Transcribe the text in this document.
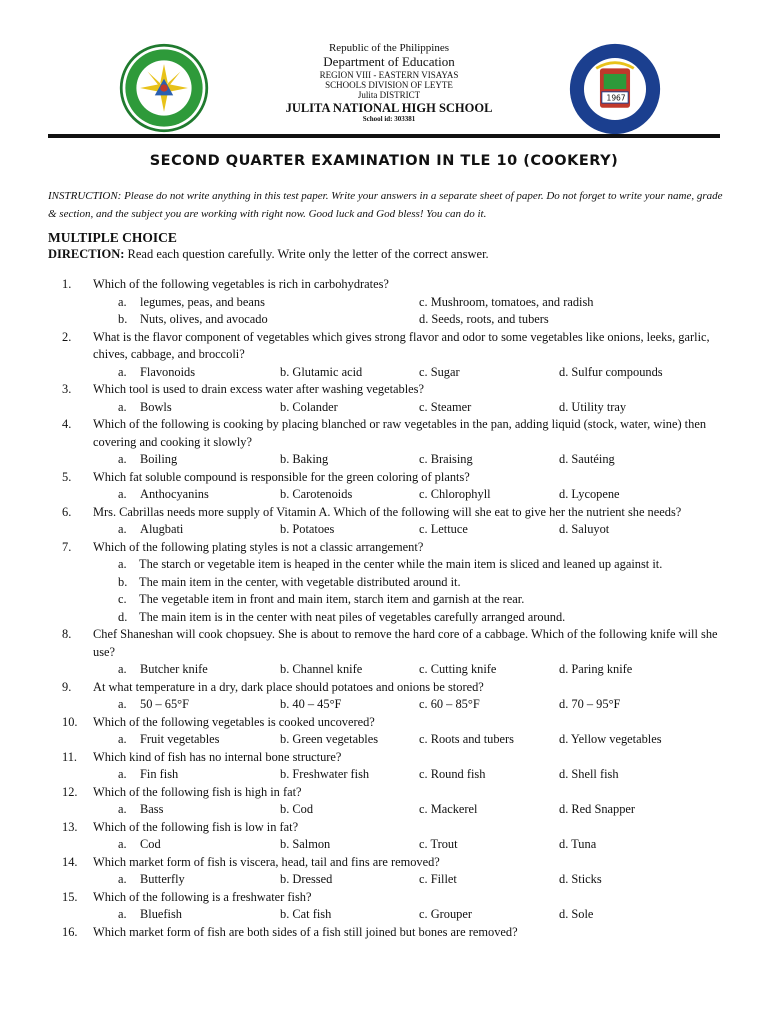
Republic of the Philippines
Department of Education
REGION VIII - EASTERN VISAYAS
SCHOOLS DIVISION OF LEYTE
Julita DISTRICT
JULITA NATIONAL HIGH SCHOOL
School id: 303381
19 67
SECOND QUARTER EXAMINATION IN TLE 10 (COOKERY)
INSTRUCTION: Please do not write anything in this test paper. Write your answers in a separate sheet of paper. Do not forget to write your name, grade & section, and the subject you are working with right now. Good luck and God bless! You can do it.
MULTIPLE CHOICE
DIRECTION: Read each question carefully. Write only the letter of the correct answer.
1.	Which of the following vegetables is rich in carbohydrates?
a. legumes, peas, and beans	c. Mushroom, tomatoes, and radish
b. Nuts, olives, and avocado	d. Seeds, roots, and tubers
2.	What is the flavor component of vegetables which gives strong flavor and odor to some vegetables like onions, leeks, garlic, chives, cabbage, and broccoli?
a. Flavonoids	b. Glutamic acid	c. Sugar	d. Sulfur compounds
3.	Which tool is used to drain excess water after washing vegetables?
a. Bowls	b. Colander	c. Steamer	d. Utility tray
4.	Which of the following is cooking by placing blanched or raw vegetables in the pan, adding liquid (stock, water, wine) then covering and cooking it slowly?
a. Boiling	b. Baking	c. Braising	d. Sautéing
5.	Which fat soluble compound is responsible for the green coloring of plants?
a. Anthocyanins	b. Carotenoids	c. Chlorophyll	d. Lycopene
6.	Mrs. Cabrillas needs more supply of Vitamin A. Which of the following will she eat to give her the nutrient she needs?
a. Alugbati	b. Potatoes	c. Lettuce	d. Saluyot
7.	Which of the following plating styles is not a classic arrangement?
a. The starch or vegetable item is heaped in the center while the main item is sliced and leaned up against it.
b. The main item in the center, with vegetable distributed around it.
c. The vegetable item in front and main item, starch item and garnish at the rear.
d. The main item is in the center with neat piles of vegetables carefully arranged around.
8.	Chef Shaneshan will cook chopsuey. She is about to remove the hard core of a cabbage. Which of the following knife will she use?
a. Butcher knife	b. Channel knife	c. Cutting knife	d. Paring knife
9.	At what temperature in a dry, dark place should potatoes and onions be stored?
a. 50 – 65°F	b. 40 – 45°F	c. 60 – 85°F	d. 70 – 95°F
10.	Which of the following vegetables is cooked uncovered?
a. Fruit vegetables	b. Green vegetables	c. Roots and tubers	d. Yellow vegetables
11.	Which kind of fish has no internal bone structure?
a. Fin fish	b. Freshwater fish	c. Round fish	d. Shell fish
12.	Which of the following fish is high in fat?
a. Bass	b. Cod	c. Mackerel	d. Red Snapper
13.	Which of the following fish is low in fat?
a. Cod	b. Salmon	c. Trout	d. Tuna
14.	Which market form of fish is viscera, head, tail and fins are removed?
a. Butterfly	b. Dressed	c. Fillet	d. Sticks
15.	Which of the following is a freshwater fish?
a. Bluefish	b. Cat fish	c. Grouper	d. Sole
16.	Which market form of fish are both sides of a fish still joined but bones are removed?
